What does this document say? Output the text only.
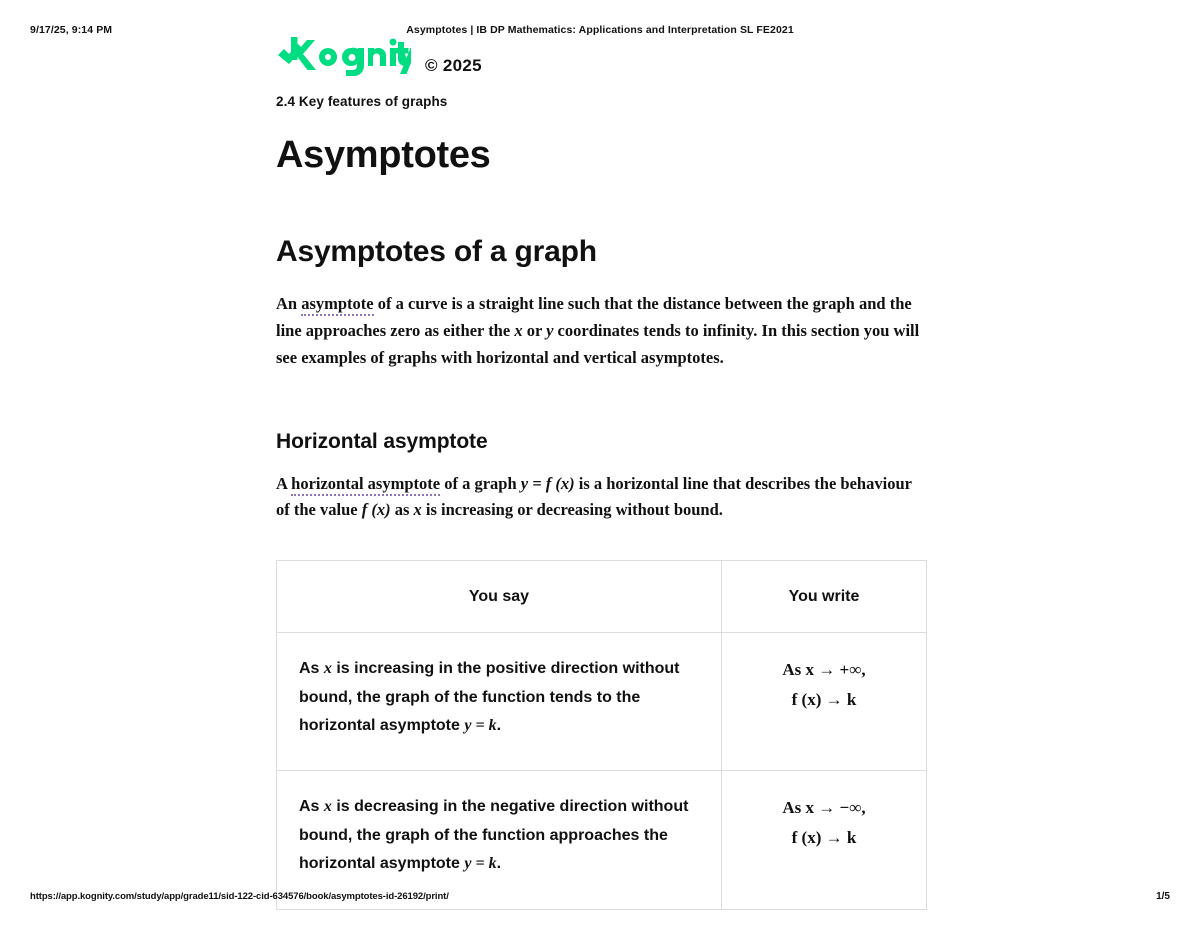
9/17/25, 9:14 PM	Asymptotes | IB DP Mathematics: Applications and Interpretation SL FE2021
© 2025
2.4 Key features of graphs
Asymptotes
Asymptotes of a graph

An asymptote of a curve is a straight line such that the distance between the graph and the line approaches zero as either the x or y coordinates tends to infinity. In this section you will see examples of graphs with horizontal and vertical asymptotes.

Horizontal asymptote

A horizontal asymptote of a graph y = f (x) is a horizontal line that describes the behaviour of the value f (x) as x is increasing or decreasing without bound.

You say	You write
As x is increasing in the positive direction without bound, the graph of the function tends to the horizontal asymptote y = k.	As x → +∞,
f (x) → k

As x is decreasing in the negative direction without bound, the graph of the function approaches the horizontal asymptote y = k.	As x → −∞,
f (x) → k
https://app.kognity.com/study/app/grade11/sid-122-cid-634576/book/asymptotes-id-26192/print/	1/5
